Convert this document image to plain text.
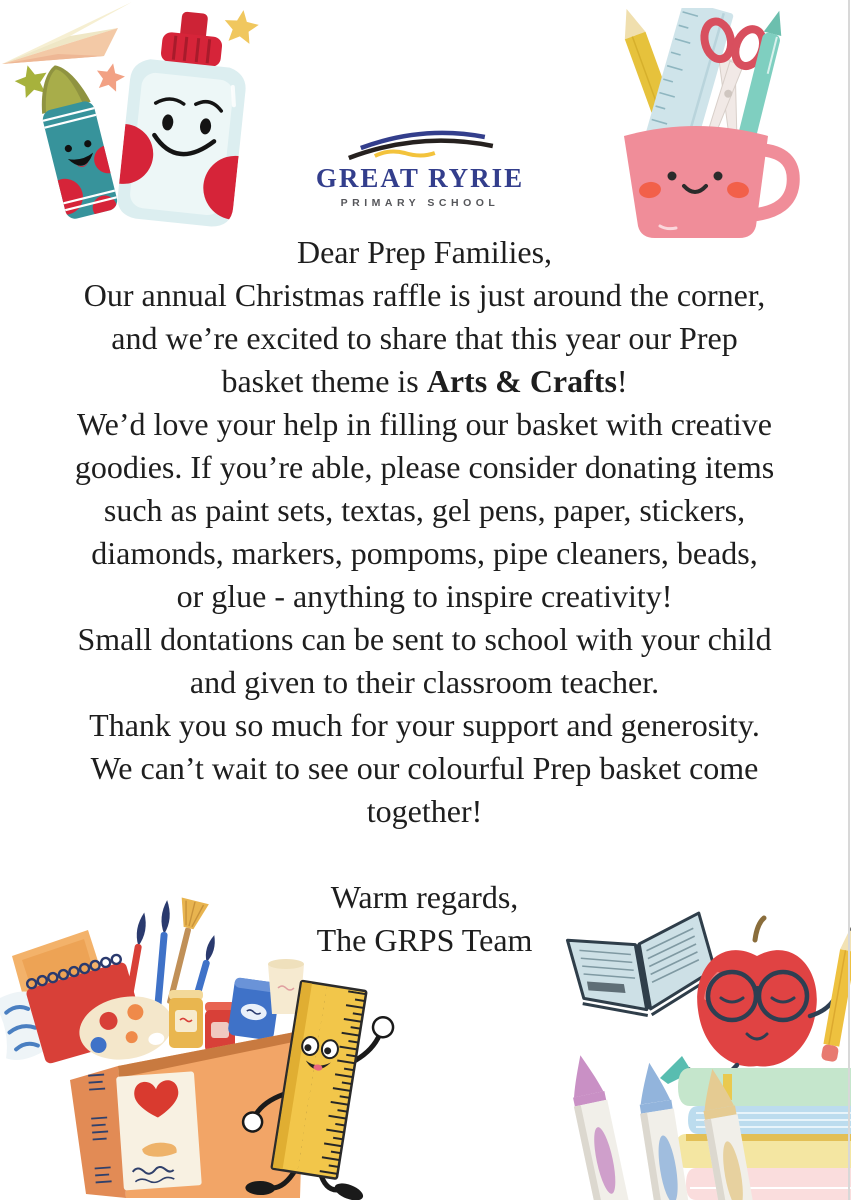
GREAT RYRIE
PRIMARY SCHOOL
Dear Prep Families,
Our annual Christmas raffle is just around the corner,
and we’re excited to share that this year our Prep
basket theme is Arts & Crafts!
We’d love your help in filling our basket with creative
goodies. If you’re able, please consider donating items
such as paint sets, textas, gel pens, paper, stickers,
diamonds, markers, pompoms, pipe cleaners, beads,
or glue - anything to inspire creativity!
Small dontations can be sent to school with your child
and given to their classroom teacher.
Thank you so much for your support and generosity.
We can’t wait to see our colourful Prep basket come
together!
Warm regards,
The GRPS Team
